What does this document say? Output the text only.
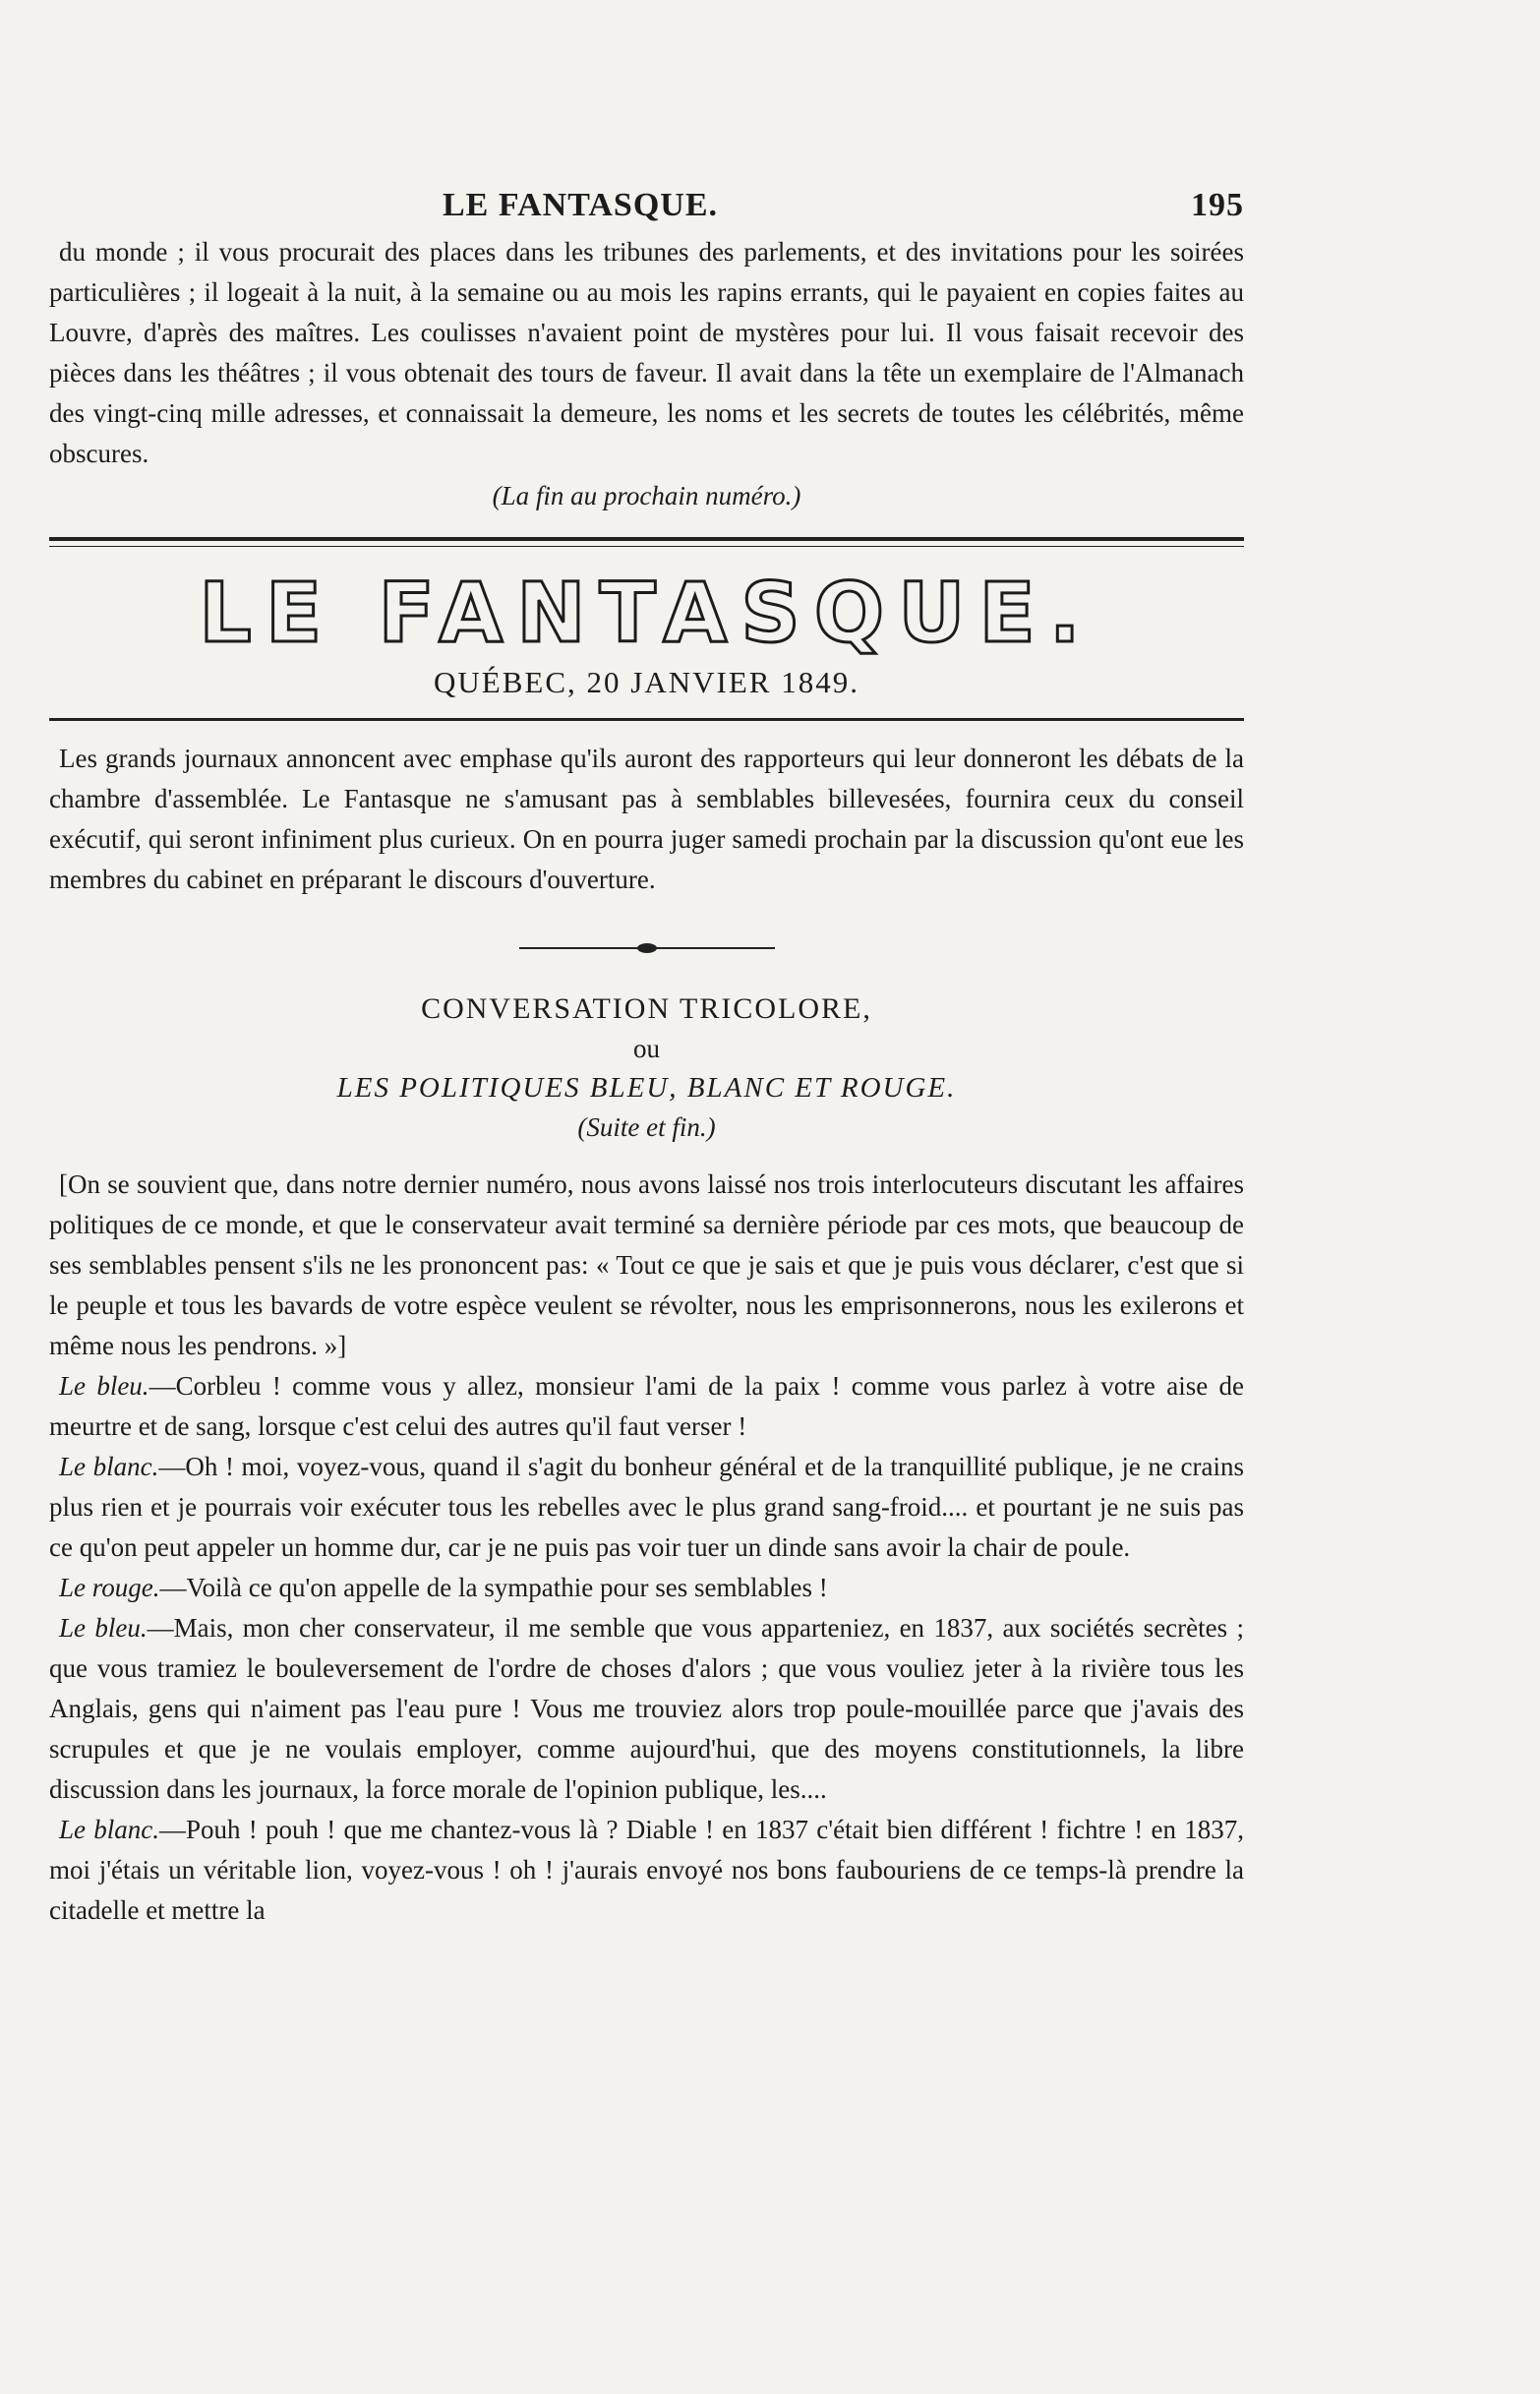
LE FANTASQUE.	195

du monde ; il vous procurait des places dans les tribunes des parlements, et des invitations pour les soirées particulières ; il logeait à la nuit, à la semaine ou au mois les rapins errants, qui le payaient en copies faites au Louvre, d'après des maîtres. Les coulisses n'avaient point de mystères pour lui. Il vous faisait recevoir des pièces dans les théâtres ; il vous obtenait des tours de faveur. Il avait dans la tête un exemplaire de l'Almanach des vingt-cinq mille adresses, et connaissait la demeure, les noms et les secrets de toutes les célébrités, même obscures.

(La fin au prochain numéro.)

LE FANTASQUE.
QUÉBEC, 20 JANVIER 1849.

Les grands journaux annoncent avec emphase qu'ils auront des rapporteurs qui leur donneront les débats de la chambre d'assemblée. Le Fantasque ne s'amusant pas à semblables billevesées, fournira ceux du conseil exécutif, qui seront infiniment plus curieux. On en pourra juger samedi prochain par la discussion qu'ont eue les membres du cabinet en préparant le discours d'ouverture.

CONVERSATION TRICOLORE,
ou
LES POLITIQUES BLEU, BLANC ET ROUGE.
(Suite et fin.)

[On se souvient que, dans notre dernier numéro, nous avons laissé nos trois interlocuteurs discutant les affaires politiques de ce monde, et que le conservateur avait terminé sa dernière période par ces mots, que beaucoup de ses semblables pensent s'ils ne les prononcent pas: « Tout ce que je sais et que je puis vous déclarer, c'est que si le peuple et tous les bavards de votre espèce veulent se révolter, nous les emprisonnerons, nous les exilerons et même nous les pendrons. »]

Le bleu.—Corbleu ! comme vous y allez, monsieur l'ami de la paix ! comme vous parlez à votre aise de meurtre et de sang, lorsque c'est celui des autres qu'il faut verser !

Le blanc.—Oh ! moi, voyez-vous, quand il s'agit du bonheur général et de la tranquillité publique, je ne crains plus rien et je pourrais voir exécuter tous les rebelles avec le plus grand sang-froid.... et pourtant je ne suis pas ce qu'on peut appeler un homme dur, car je ne puis pas voir tuer un dinde sans avoir la chair de poule.

Le rouge.—Voilà ce qu'on appelle de la sympathie pour ses semblables !

Le bleu.—Mais, mon cher conservateur, il me semble que vous apparteniez, en 1837, aux sociétés secrètes ; que vous tramiez le bouleversement de l'ordre de choses d'alors ; que vous vouliez jeter à la rivière tous les Anglais, gens qui n'aiment pas l'eau pure ! Vous me trouviez alors trop poule-mouillée parce que j'avais des scrupules et que je ne voulais employer, comme aujourd'hui, que des moyens constitutionnels, la libre discussion dans les journaux, la force morale de l'opinion publique, les....

Le blanc.—Pouh ! pouh ! que me chantez-vous là ? Diable ! en 1837 c'était bien différent ! fichtre ! en 1837, moi j'étais un véritable lion, voyez-vous ! oh ! j'aurais envoyé nos bons faubouriens de ce temps-là prendre la citadelle et mettre la
